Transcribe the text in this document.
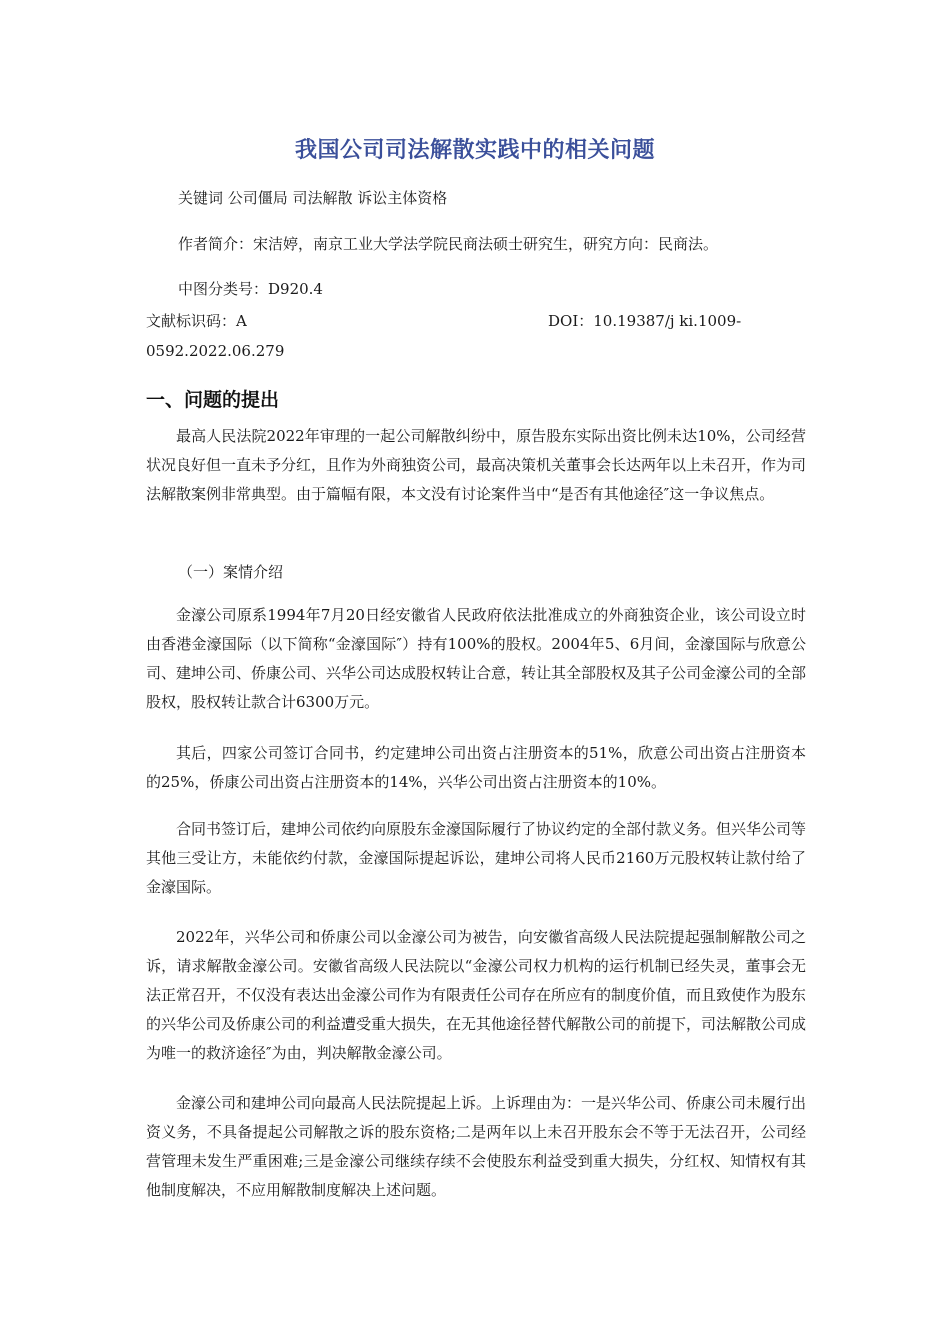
我国公司司法解散实践中的相关问题

关键词 公司僵局 司法解散 诉讼主体资格

作者简介：宋洁婷，南京工业大学法学院民商法硕士研究生，研究方向：民商法。

中图分类号：D920.4

文献标识码：A	DOI：10.19387/j ki.1009-

0592.2022.06.279

一、问题的提出

最高人民法院2022年审理的一起公司解散纠纷中，原告股东实际出资比例未达10%，公司经营状况良好但一直未予分红，且作为外商独资公司，最高决策机关董事会长达两年以上未召开，作为司法解散案例非常典型。由于篇幅有限，本文没有讨论案件当中“是否有其他途径″这一争议焦点。

（一）案情介绍

金濠公司原系1994年7月20日经安徽省人民政府依法批准成立的外商独资企业，该公司设立时由香港金濠国际（以下简称“金濠国际″）持有100%的股权。2004年5、6月间，金濠国际与欣意公司、建坤公司、侨康公司、兴华公司达成股权转让合意，转让其全部股权及其子公司金濠公司的全部股权，股权转让款合计6300万元。

其后，四家公司签订合同书，约定建坤公司出资占注册资本的51%，欣意公司出资占注册资本的25%，侨康公司出资占注册资本的14%，兴华公司出资占注册资本的10%。

合同书签订后，建坤公司依约向原股东金濠国际履行了协议约定的全部付款义务。但兴华公司等其他三受让方，未能依约付款，金濠国际提起诉讼，建坤公司将人民币2160万元股权转让款付给了金濠国际。

2022年，兴华公司和侨康公司以金濠公司为被告，向安徽省高级人民法院提起强制解散公司之诉，请求解散金濠公司。安徽省高级人民法院以“金濠公司权力机构的运行机制已经失灵，董事会无法正常召开，不仅没有表达出金濠公司作为有限责任公司存在所应有的制度价值，而且致使作为股东的兴华公司及侨康公司的利益遭受重大损失，在无其他途径替代解散公司的前提下，司法解散公司成为唯一的救济途径″为由，判决解散金濠公司。

金濠公司和建坤公司向最高人民法院提起上诉。上诉理由为：一是兴华公司、侨康公司未履行出资义务，不具备提起公司解散之诉的股东资格;二是两年以上未召开股东会不等于无法召开，公司经营管理未发生严重困难;三是金濠公司继续存续不会使股东利益受到重大损失，分红权、知情权有其他制度解决，不应用解散制度解决上述问题。
